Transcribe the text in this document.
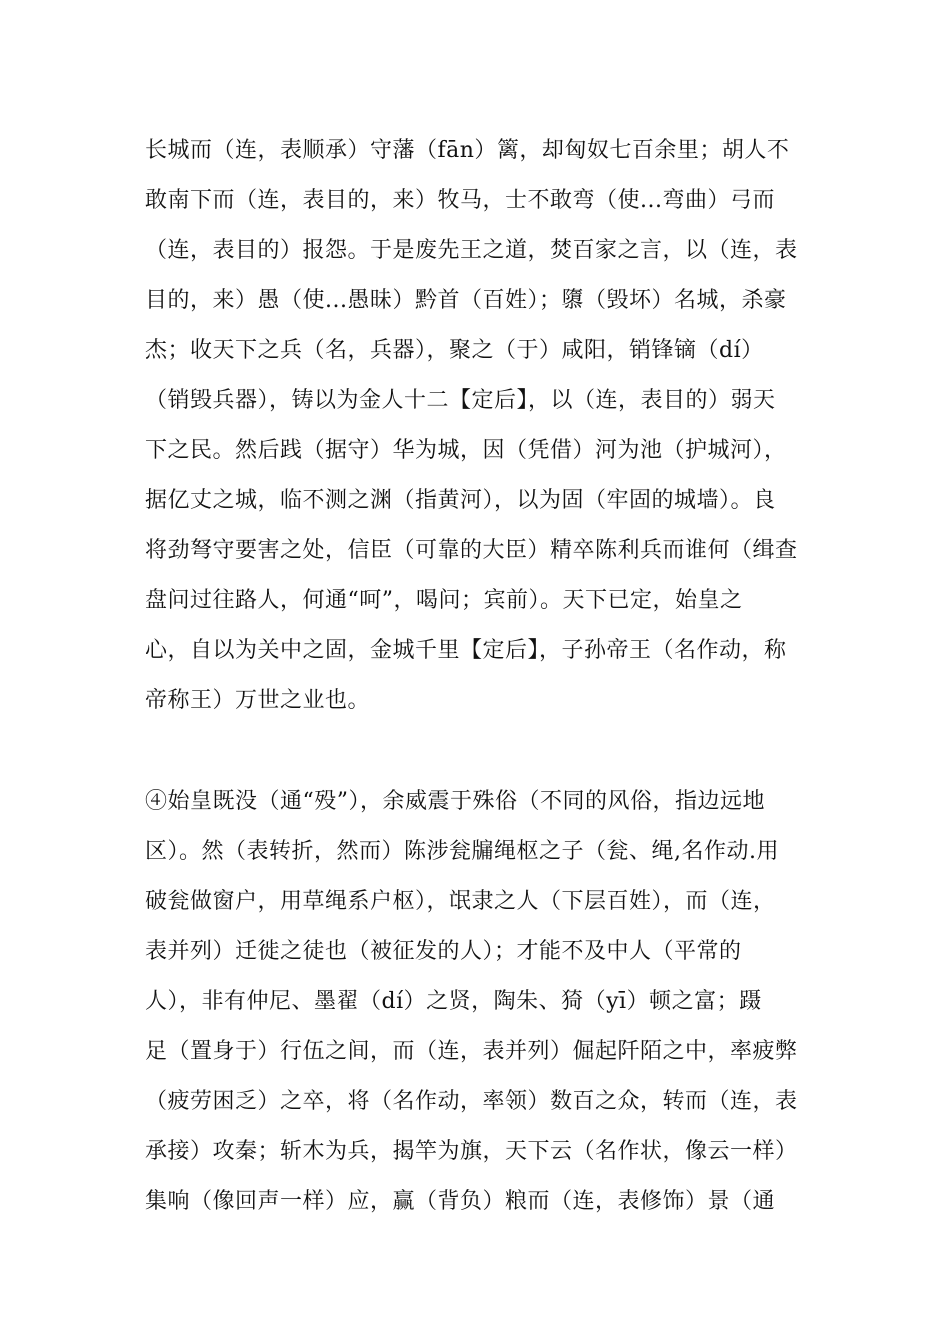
长城而（连，表顺承）守藩（fān）篱，却匈奴七百余里；胡人不
敢南下而（连，表目的，来）牧马，士不敢弯（使...弯曲）弓而
（连，表目的）报怨。于是废先王之道，焚百家之言，以（连，表
目的，来）愚（使...愚昧）黔首（百姓）；隳（毁坏）名城，杀豪
杰；收天下之兵（名，兵器），聚之（于）咸阳，销锋镝（dí）
（销毁兵器），铸以为金人十二【定后】，以（连，表目的）弱天
下之民。然后践（据守）华为城，因（凭借）河为池（护城河），
据亿丈之城，临不测之渊（指黄河），以为固（牢固的城墙）。良
将劲弩守要害之处，信臣（可靠的大臣）精卒陈利兵而谁何（缉查
盘问过往路人，何通“呵”，喝问；宾前）。天下已定，始皇之
心，自以为关中之固，金城千里【定后】，子孙帝王（名作动，称
帝称王）万世之业也。
④始皇既没（通“殁”），余威震于殊俗（不同的风俗，指边远地
区）。然（表转折，然而）陈涉瓮牖绳枢之子（瓮、绳,名作动.用
破瓮做窗户，用草绳系户枢），氓隶之人（下层百姓），而（连，
表并列）迁徙之徒也（被征发的人）；才能不及中人（平常的
人），非有仲尼、墨翟（dí）之贤，陶朱、猗（yī）顿之富；蹑
足（置身于）行伍之间，而（连，表并列）倔起阡陌之中，率疲弊
（疲劳困乏）之卒，将（名作动，率领）数百之众，转而（连，表
承接）攻秦；斩木为兵，揭竿为旗，天下云（名作状，像云一样）
集响（像回声一样）应，赢（背负）粮而（连，表修饰）景（通
